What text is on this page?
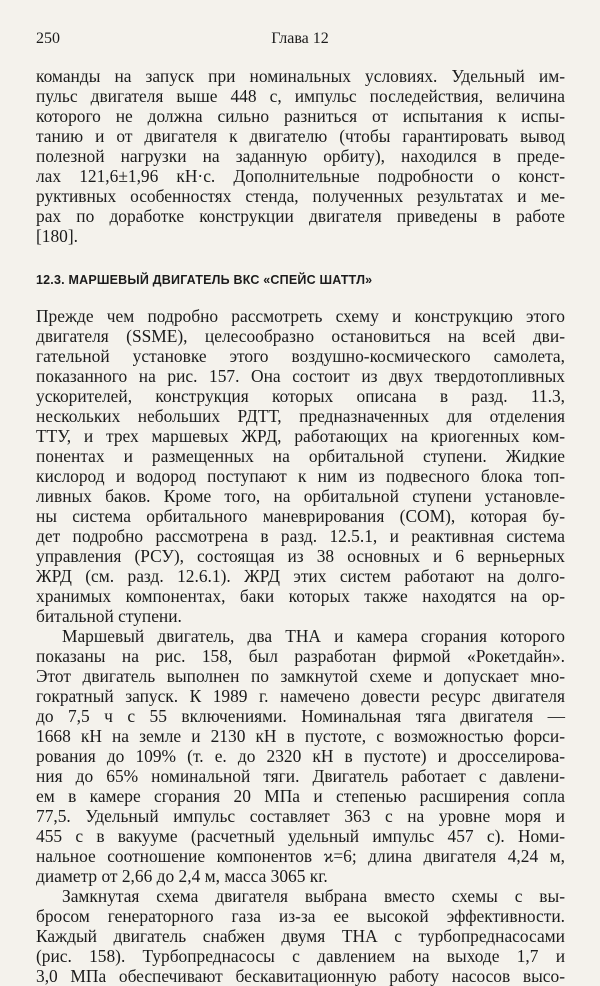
250	Глава 12
команды на запуск при номинальных условиях. Удельный им-
пульс двигателя выше 448 с, импульс последействия, величина
которого не должна сильно разниться от испытания к испы-
танию и от двигателя к двигателю (чтобы гарантировать вывод
полезной нагрузки на заданную орбиту), находился в преде-
лах 121,6±1,96 кН·с. Дополнительные подробности о конст-
руктивных особенностях стенда, полученных результатах и ме-
рах по доработке конструкции двигателя приведены в работе
[180].
12.3. МАРШЕВЫЙ ДВИГАТЕЛЬ ВКС «СПЕЙС ШАТТЛ»
Прежде чем подробно рассмотреть схему и конструкцию этого
двигателя (SSME), целесообразно остановиться на всей дви-
гательной установке этого воздушно-космического самолета,
показанного на рис. 157. Она состоит из двух твердотопливных
ускорителей, конструкция которых описана в разд. 11.3,
нескольких небольших РДТТ, предназначенных для отделения
ТТУ, и трех маршевых ЖРД, работающих на криогенных ком-
понентах и размещенных на орбитальной ступени. Жидкие
кислород и водород поступают к ним из подвесного блока топ-
ливных баков. Кроме того, на орбитальной ступени установле-
ны система орбитального маневрирования (СОМ), которая бу-
дет подробно рассмотрена в разд. 12.5.1, и реактивная система
управления (РСУ), состоящая из 38 основных и 6 верньерных
ЖРД (см. разд. 12.6.1). ЖРД этих систем работают на долго-
хранимых компонентах, баки которых также находятся на ор-
битальной ступени.
Маршевый двигатель, два ТНА и камера сгорания которого
показаны на рис. 158, был разработан фирмой «Рокетдайн».
Этот двигатель выполнен по замкнутой схеме и допускает мно-
гократный запуск. К 1989 г. намечено довести ресурс двигателя
до 7,5 ч с 55 включениями. Номинальная тяга двигателя —
1668 кН на земле и 2130 кН в пустоте, с возможностью форси-
рования до 109% (т. е. до 2320 кН в пустоте) и дросселирова-
ния до 65% номинальной тяги. Двигатель работает с давлени-
ем в камере сгорания 20 МПа и степенью расширения сопла
77,5. Удельный импульс составляет 363 с на уровне моря и
455 с в вакууме (расчетный удельный импульс 457 с). Номи-
нальное соотношение компонентов ϰ=6; длина двигателя 4,24 м,
диаметр от 2,66 до 2,4 м, масса 3065 кг.
Замкнутая схема двигателя выбрана вместо схемы с вы-
бросом генераторного газа из-за ее высокой эффективности.
Каждый двигатель снабжен двумя ТНА с турбопреднасосами
(рис. 158). Турбопреднасосы с давлением на выходе 1,7 и
3,0 МПа обеспечивают бескавитационную работу насосов высо-
